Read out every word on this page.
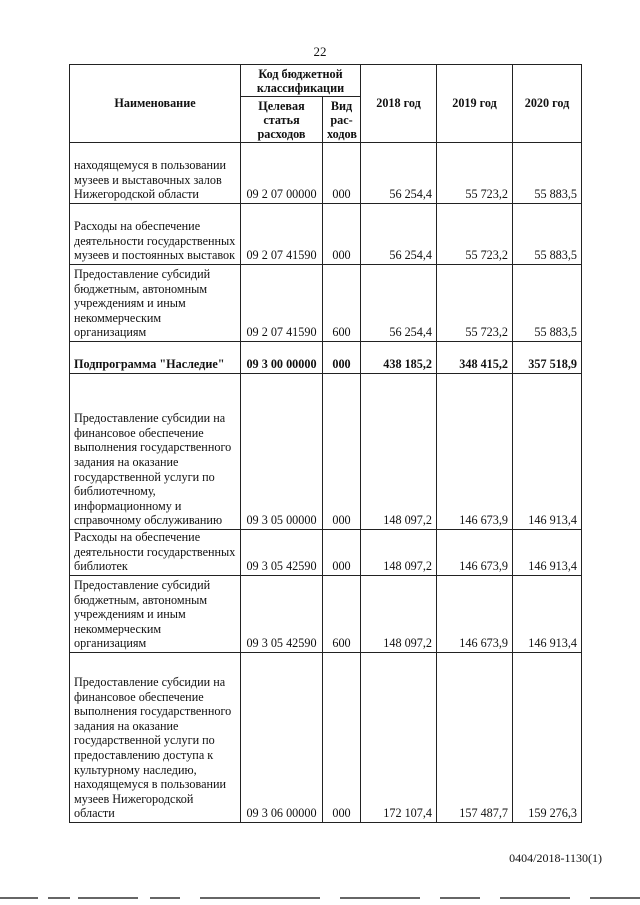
22
Наименование	Код бюджетной классификации		2018 год	2019 год	2020 год
	Целевая статья расходов	Вид рас-ходов			
находящемуся в пользовании музеев и выставочных залов Нижегородской области	09 2 07 00000	000	56 254,4	55 723,2	55 883,5
Расходы на обеспечение деятельности государственных музеев и постоянных выставок	09 2 07 41590	000	56 254,4	55 723,2	55 883,5
Предоставление субсидий бюджетным, автономным учреждениям и иным некоммерческим организациям	09 2 07 41590	600	56 254,4	55 723,2	55 883,5
Подпрограмма "Наследие"	09 3 00 00000	000	438 185,2	348 415,2	357 518,9
Предоставление субсидии на финансовое обеспечение выполнения государственного задания на оказание государственной услуги по библиотечному, информационному и справочному обслуживанию	09 3 05 00000	000	148 097,2	146 673,9	146 913,4
Расходы на обеспечение деятельности государственных библиотек	09 3 05 42590	000	148 097,2	146 673,9	146 913,4
Предоставление субсидий бюджетным, автономным учреждениям и иным некоммерческим организациям	09 3 05 42590	600	148 097,2	146 673,9	146 913,4
Предоставление субсидии на финансовое обеспечение выполнения государственного задания на оказание государственной услуги по предоставлению доступа к культурному наследию, находящемуся в пользовании музеев Нижегородской области	09 3 06 00000	000	172 107,4	157 487,7	159 276,3
0404/2018-1130(1)
